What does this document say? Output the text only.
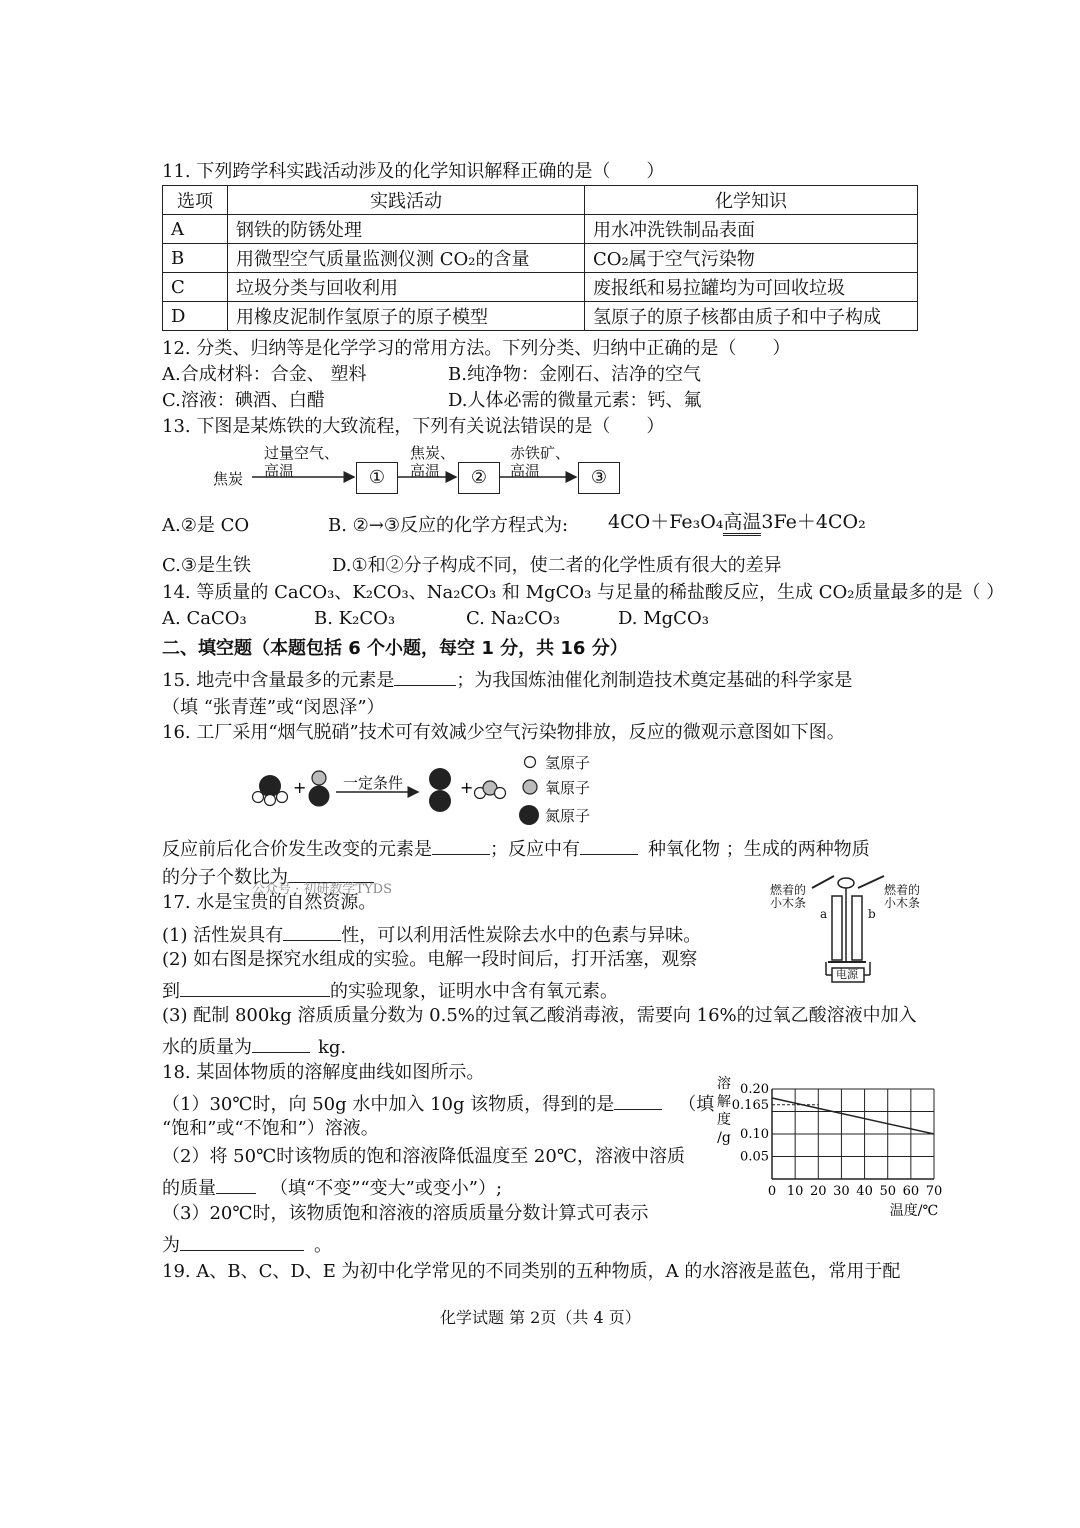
11. 下列跨学科实践活动涉及的化学知识解释正确的是（　　）
选项	实践活动	化学知识
A	钢铁的防锈处理	用水冲洗铁制品表面
B	用微型空气质量监测仪测 CO₂的含量	CO₂属于空气污染物
C	垃圾分类与回收利用	废报纸和易拉罐均为可回收垃圾
D	用橡皮泥制作氢原子的原子模型	氢原子的原子核都由质子和中子构成
12. 分类、归纳等是化学学习的常用方法。下列分类、归纳中正确的是（　　）
A.合成材料：合金、 塑料	B.纯净物：金刚石、洁净的空气
C.溶液：碘酒、白醋	D.人体必需的微量元素：钙、氟
13. 下图是某炼铁的大致流程，下列有关说法错误的是（　　）
焦炭
过量空气、
高温	①
焦炭、
高温	②
赤铁矿、
高温	③
A.②是 CO	B. ②→③反应的化学方程式为: 4CO＋Fe₃O₄高温3Fe＋4CO₂
C.③是生铁	D.①和②分子构成不同，使二者的化学性质有很大的差异
14. 等质量的 CaCO₃、K₂CO₃、Na₂CO₃ 和 MgCO₃ 与足量的稀盐酸反应，生成 CO₂质量最多的是（ ）
A. CaCO₃	B. K₂CO₃	C. Na₂CO₃	D. MgCO₃
二、填空题（本题包括 6 个小题，每空 1 分，共 16 分）
15. 地壳中含量最多的元素是	；为我国炼油催化剂制造技术奠定基础的科学家是
（填 “张青莲”或“闵恩泽”）
16. 工厂采用“烟气脱硝”技术可有效减少空气污染物排放，反应的微观示意图如下图。
+	+
一定条件
氢原子
氧原子
氮原子
反应前后化合价发生改变的元素是	；反应中有	种氧化物 ；生成的两种物质
的分子个数比为
公众号 · 初研教学TYDS
17. 水是宝贵的自然资源。
(1) 活性炭具有	性，可以利用活性炭除去水中的色素与异味。
(2) 如右图是探究水组成的实验。电解一段时间后，打开活塞，观察
到	的实验现象，证明水中含有氧元素。
(3) 配制 800kg 溶质质量分数为 0.5%的过氧乙酸消毒液，需要向 16%的过氧乙酸溶液中加入
水的质量为	kg.
燃着的小木条
燃着的小木条
a	b
电源
18. 某固体物质的溶解度曲线如图所示。
（1）30℃时，向 50g 水中加入 10g 该物质，得到的是	（填
“饱和”或“不饱和”）溶液。
（2）将 50℃时该物质的饱和溶液降低温度至 20℃，溶液中溶质
的质量	（填“不变”“变大”或变小”）;
（3）20℃时，该物质饱和溶液的溶质质量分数计算式可表示
为	。
0 10 20 30 40 50 60 70
0.20
0.165
0.10
0.05
溶
解
度
/g
温度/℃
19. A、B、C、D、E 为初中化学常见的不同类别的五种物质，A 的水溶液是蓝色，常用于配
化学试题 第 2页（共 4 页）
